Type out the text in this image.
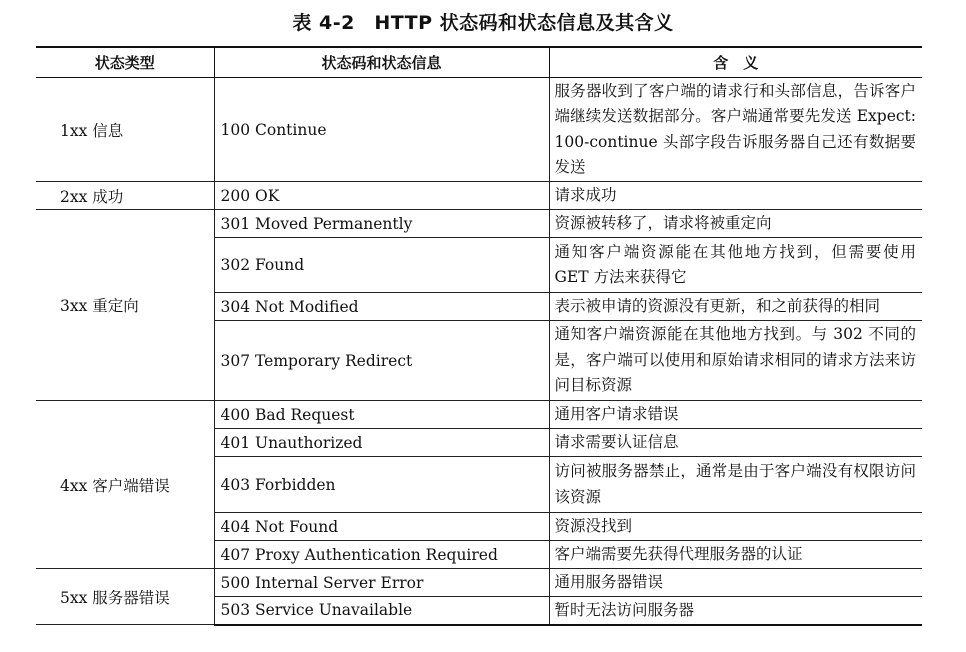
表 4-2　HTTP 状态码和状态信息及其含义
状态类型	状态码和状态信息	含　义
1xx 信息	100 Continue	服务器收到了客户端的请求行和头部信息，告诉客户端继续发送数据部分。客户端通常要先发送 Expect: 100-continue 头部字段告诉服务器自己还有数据要发送
2xx 成功	200 OK	请求成功
3xx 重定向	301 Moved Permanently	资源被转移了，请求将被重定向
	302 Found	通知客户端资源能在其他地方找到，但需要使用 GET 方法来获得它
	304 Not Modified	表示被申请的资源没有更新，和之前获得的相同
	307 Temporary Redirect	通知客户端资源能在其他地方找到。与 302 不同的是，客户端可以使用和原始请求相同的请求方法来访问目标资源
4xx 客户端错误	400 Bad Request	通用客户请求错误
	401 Unauthorized	请求需要认证信息
	403 Forbidden	访问被服务器禁止，通常是由于客户端没有权限访问该资源
	404 Not Found	资源没找到
	407 Proxy Authentication Required	客户端需要先获得代理服务器的认证
5xx 服务器错误	500 Internal Server Error	通用服务器错误
	503 Service Unavailable	暂时无法访问服务器
